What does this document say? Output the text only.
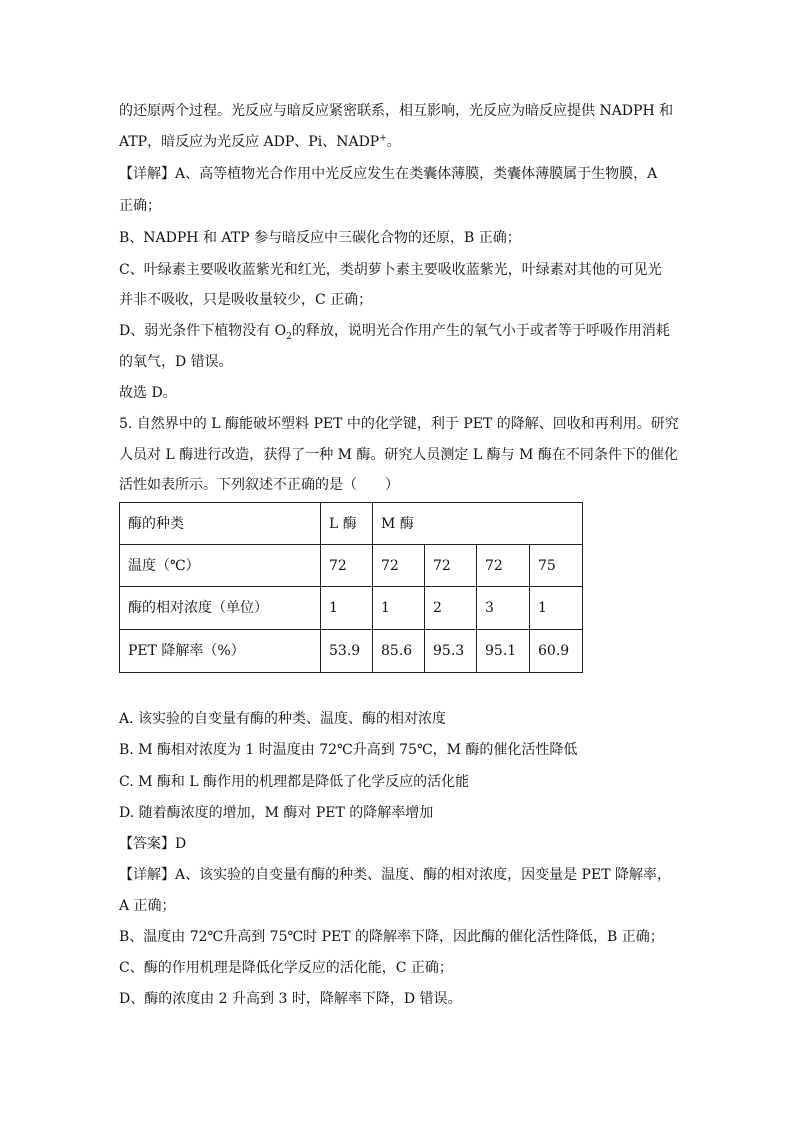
的还原两个过程。光反应与暗反应紧密联系，相互影响，光反应为暗反应提供 NADPH 和
ATP，暗反应为光反应 ADP、Pi、NADP+。
【详解】A、高等植物光合作用中光反应发生在类囊体薄膜，类囊体薄膜属于生物膜，A
正确；
B、NADPH 和 ATP 参与暗反应中三碳化合物的还原，B 正确；
C、叶绿素主要吸收蓝紫光和红光，类胡萝卜素主要吸收蓝紫光，叶绿素对其他的可见光
并非不吸收，只是吸收量较少，C 正确；
D、弱光条件下植物没有 $O_2$的释放，说明光合作用产生的氧气小于或者等于呼吸作用消耗
的氧气，D 错误。
故选 D。
5. 自然界中的 L 酶能破坏塑料 PET 中的化学键，利于 PET 的降解、回收和再利用。研究
人员对 L 酶进行改造，获得了一种 M 酶。研究人员测定 L 酶与 M 酶在不同条件下的催化
活性如表所示。下列叙述不正确的是（　　）
酶的种类	L 酶	M 酶			
温度（℃）	72	72	72	72	75
酶的相对浓度（单位）	1	1	2	3	1
PET 降解率（%）	53.9	85.6	95.3	95.1	60.9
A. 该实验的自变量有酶的种类、温度、酶的相对浓度
B. M 酶相对浓度为 1 时温度由 72℃升高到 75℃，M 酶的催化活性降低
C. M 酶和 L 酶作用的机理都是降低了化学反应的活化能
D. 随着酶浓度的增加，M 酶对 PET 的降解率增加
【答案】D
【详解】A、该实验的自变量有酶的种类、温度、酶的相对浓度，因变量是 PET 降解率，
A 正确；
B、温度由 72℃升高到 75℃时 PET 的降解率下降，因此酶的催化活性降低，B 正确；
C、酶的作用机理是降低化学反应的活化能，C 正确；
D、酶的浓度由 2 升高到 3 时，降解率下降，D 错误。
